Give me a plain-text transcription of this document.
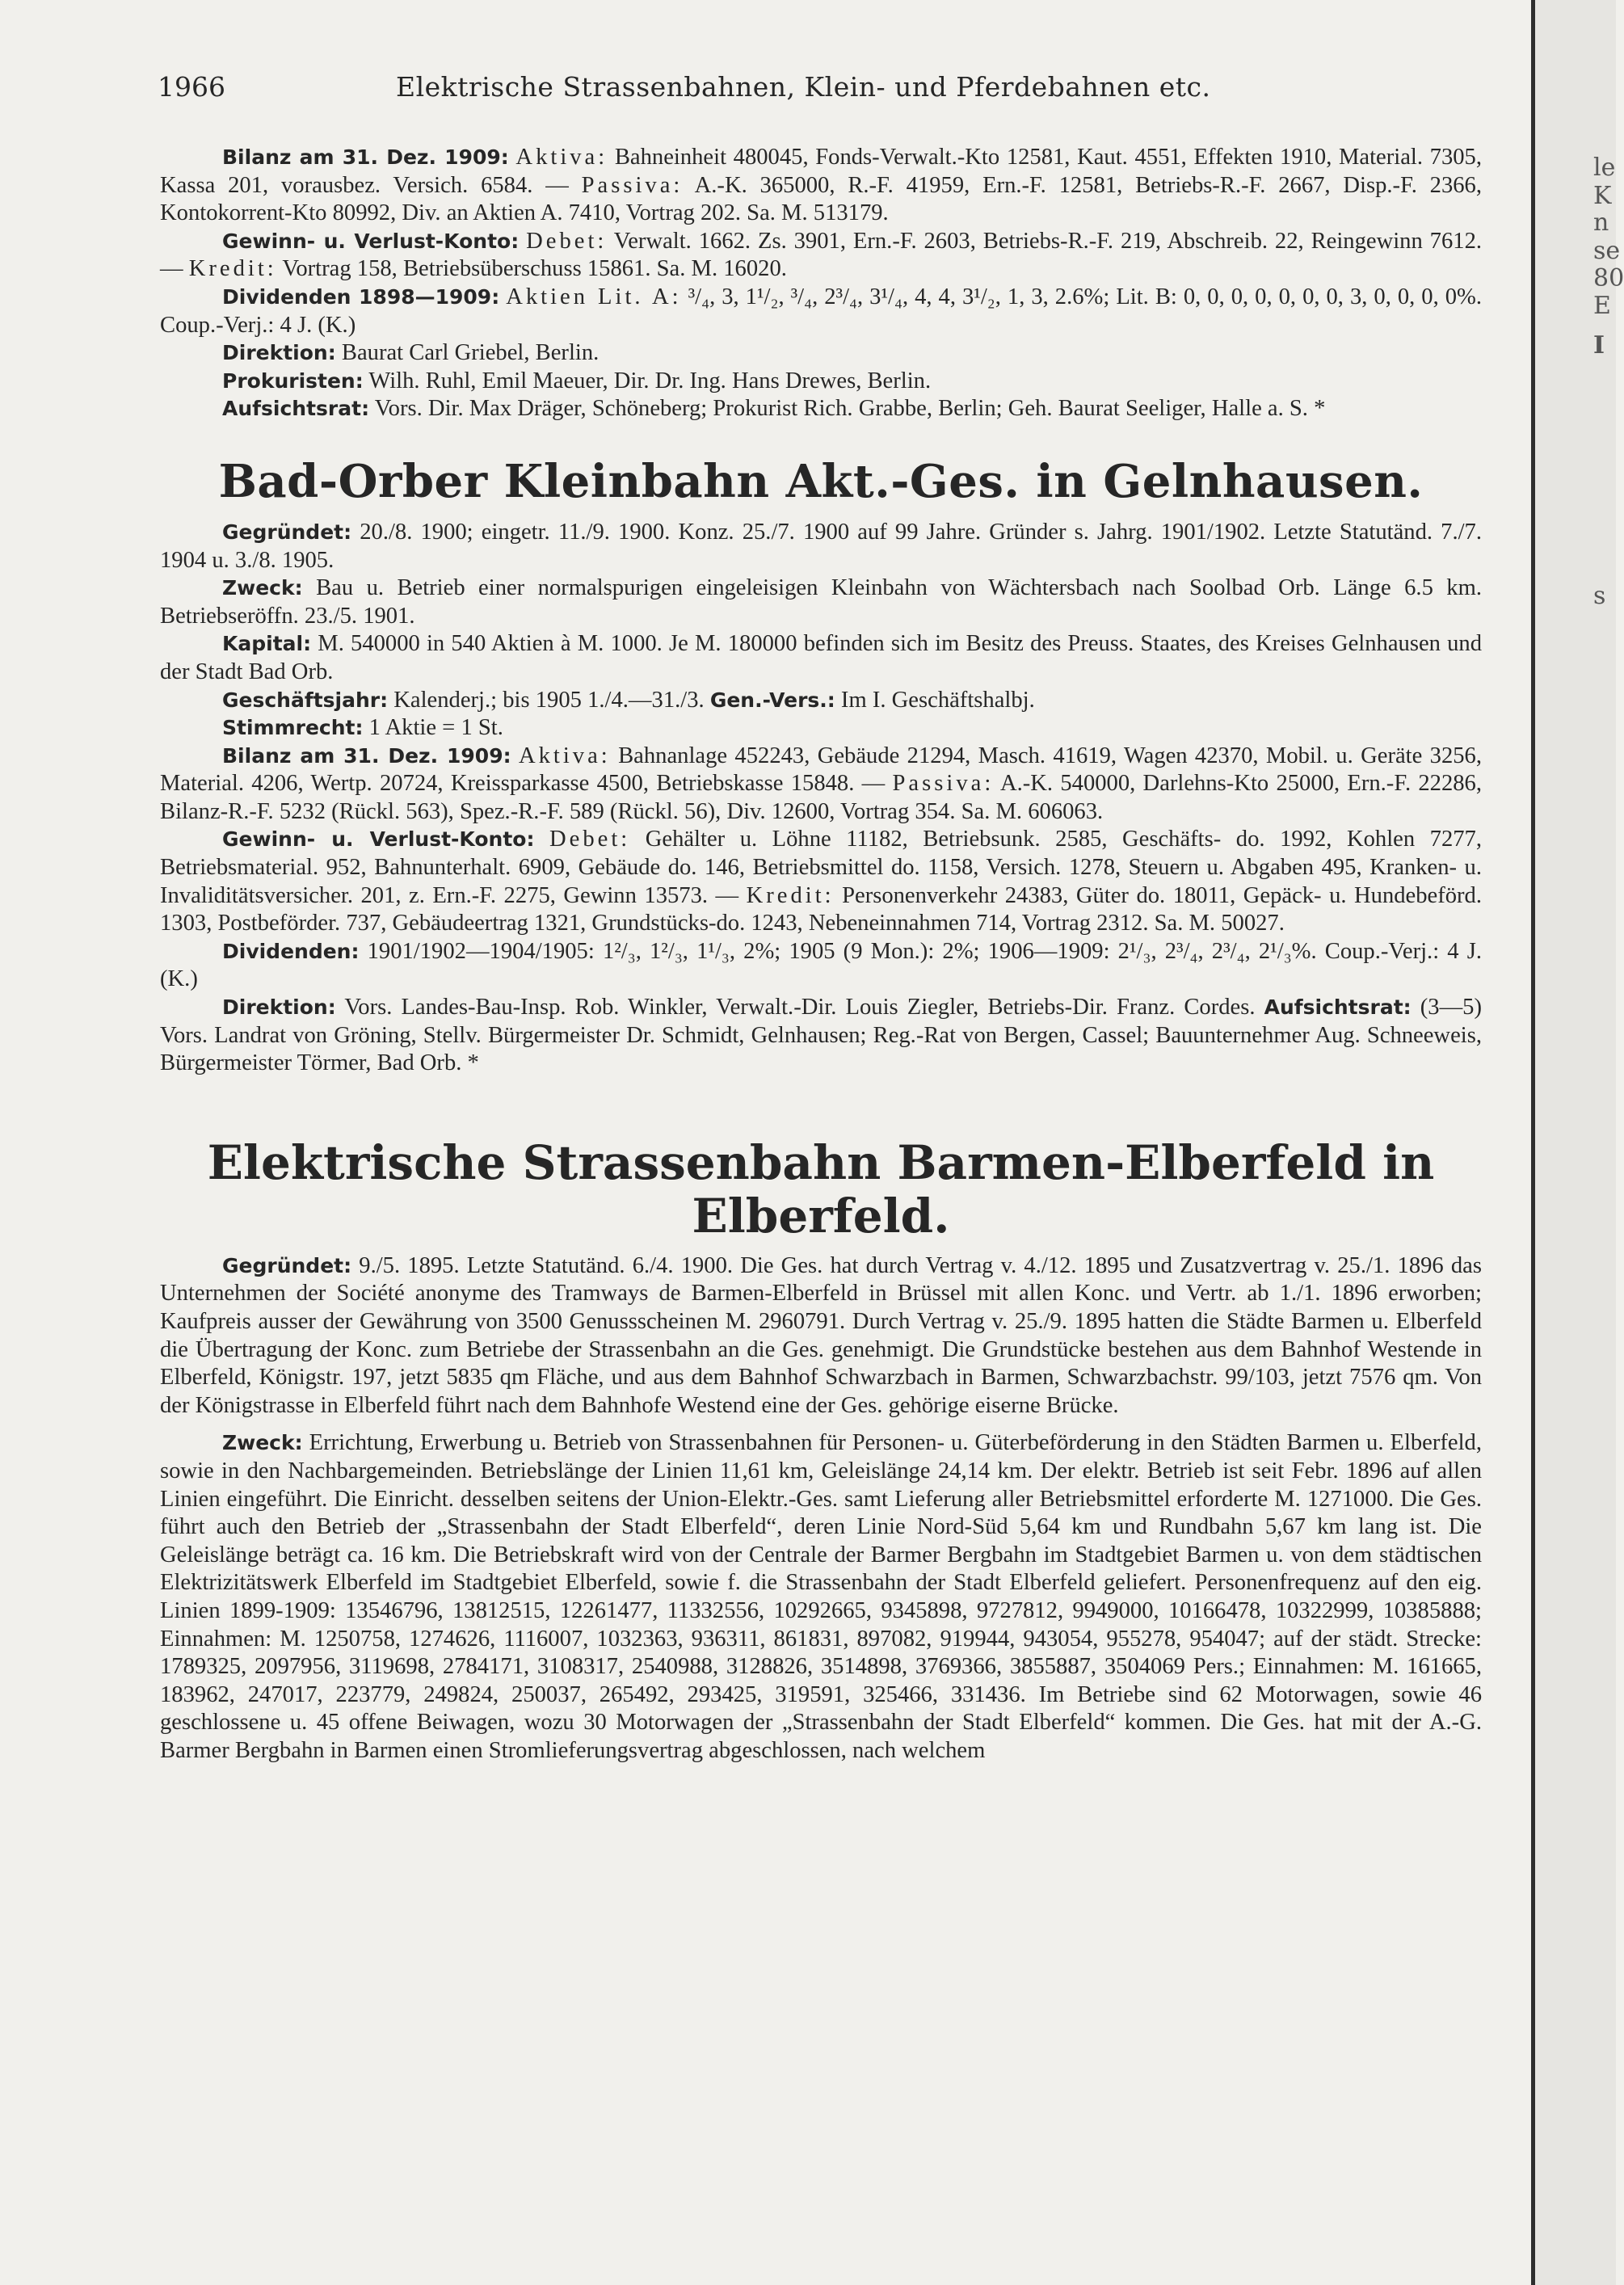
le
K
n
se
80
E
I
s
1966	Elektrische Strassenbahnen, Klein- und Pferdebahnen etc.

Bilanz am 31. Dez. 1909: Aktiva: Bahneinheit 480045, Fonds-Verwalt.-Kto 12581, Kaut. 4551, Effekten 1910, Material. 7305, Kassa 201, vorausbez. Versich. 6584. — Passiva: A.-K. 365000, R.-F. 41959, Ern.-F. 12581, Betriebs-R.-F. 2667, Disp.-F. 2366, Kontokorrent-Kto 80992, Div. an Aktien A. 7410, Vortrag 202. Sa. M. 513179.

Gewinn- u. Verlust-Konto: Debet: Verwalt. 1662. Zs. 3901, Ern.-F. 2603, Betriebs-R.-F. 219, Abschreib. 22, Reingewinn 7612. — Kredit: Vortrag 158, Betriebsüberschuss 15861. Sa. M. 16020.

Dividenden 1898—1909: Aktien Lit. A: ³/₄, 3, 1¹/₂, ³/₄, 2³/₄, 3¹/₄, 4, 4, 3¹/₂, 1, 3, 2.6%; Lit. B: 0, 0, 0, 0, 0, 0, 0, 3, 0, 0, 0, 0%. Coup.-Verj.: 4 J. (K.)

Direktion: Baurat Carl Griebel, Berlin.

Prokuristen: Wilh. Ruhl, Emil Maeuer, Dir. Dr. Ing. Hans Drewes, Berlin.

Aufsichtsrat: Vors. Dir. Max Dräger, Schöneberg; Prokurist Rich. Grabbe, Berlin; Geh. Baurat Seeliger, Halle a. S. *

Bad-Orber Kleinbahn Akt.-Ges. in Gelnhausen.

Gegründet: 20./8. 1900; eingetr. 11./9. 1900. Konz. 25./7. 1900 auf 99 Jahre. Gründer s. Jahrg. 1901/1902. Letzte Statutänd. 7./7. 1904 u. 3./8. 1905.

Zweck: Bau u. Betrieb einer normalspurigen eingeleisigen Kleinbahn von Wächtersbach nach Soolbad Orb. Länge 6.5 km. Betriebseröffn. 23./5. 1901.

Kapital: M. 540000 in 540 Aktien à M. 1000. Je M. 180000 befinden sich im Besitz des Preuss. Staates, des Kreises Gelnhausen und der Stadt Bad Orb.

Geschäftsjahr: Kalenderj.; bis 1905 1./4.—31./3. Gen.-Vers.: Im I. Geschäftshalbj.

Stimmrecht: 1 Aktie = 1 St.

Bilanz am 31. Dez. 1909: Aktiva: Bahnanlage 452243, Gebäude 21294, Masch. 41619, Wagen 42370, Mobil. u. Geräte 3256, Material. 4206, Wertp. 20724, Kreissparkasse 4500, Betriebskasse 15848. — Passiva: A.-K. 540000, Darlehns-Kto 25000, Ern.-F. 22286, Bilanz-R.-F. 5232 (Rückl. 563), Spez.-R.-F. 589 (Rückl. 56), Div. 12600, Vortrag 354. Sa. M. 606063.

Gewinn- u. Verlust-Konto: Debet: Gehälter u. Löhne 11182, Betriebsunk. 2585, Geschäfts- do. 1992, Kohlen 7277, Betriebsmaterial. 952, Bahnunterhalt. 6909, Gebäude do. 146, Betriebsmittel do. 1158, Versich. 1278, Steuern u. Abgaben 495, Kranken- u. Invaliditätsversicher. 201, z. Ern.-F. 2275, Gewinn 13573. — Kredit: Personenverkehr 24383, Güter do. 18011, Gepäck- u. Hundebeförd. 1303, Postbeförder. 737, Gebäudeertrag 1321, Grundstücks-do. 1243, Nebeneinnahmen 714, Vortrag 2312. Sa. M. 50027.

Dividenden: 1901/1902—1904/1905: 1²/₃, 1²/₃, 1¹/₃, 2%; 1905 (9 Mon.): 2%; 1906—1909: 2¹/₃, 2³/₄, 2³/₄, 2¹/₃%. Coup.-Verj.: 4 J. (K.)

Direktion: Vors. Landes-Bau-Insp. Rob. Winkler, Verwalt.-Dir. Louis Ziegler, Betriebs-Dir. Franz. Cordes. Aufsichtsrat: (3—5) Vors. Landrat von Gröning, Stellv. Bürgermeister Dr. Schmidt, Gelnhausen; Reg.-Rat von Bergen, Cassel; Bauunternehmer Aug. Schneeweis, Bürgermeister Törmer, Bad Orb. *

Elektrische Strassenbahn Barmen-Elberfeld in Elberfeld.

Gegründet: 9./5. 1895. Letzte Statutänd. 6./4. 1900. Die Ges. hat durch Vertrag v. 4./12. 1895 und Zusatzvertrag v. 25./1. 1896 das Unternehmen der Société anonyme des Tramways de Barmen-Elberfeld in Brüssel mit allen Konc. und Vertr. ab 1./1. 1896 erworben; Kaufpreis ausser der Gewährung von 3500 Genussscheinen M. 2960791. Durch Vertrag v. 25./9. 1895 hatten die Städte Barmen u. Elberfeld die Übertragung der Konc. zum Betriebe der Strassenbahn an die Ges. genehmigt. Die Grundstücke bestehen aus dem Bahnhof Westende in Elberfeld, Königstr. 197, jetzt 5835 qm Fläche, und aus dem Bahnhof Schwarzbach in Barmen, Schwarzbachstr. 99/103, jetzt 7576 qm. Von der Königstrasse in Elberfeld führt nach dem Bahnhofe Westend eine der Ges. gehörige eiserne Brücke.

Zweck: Errichtung, Erwerbung u. Betrieb von Strassenbahnen für Personen- u. Güterbeförderung in den Städten Barmen u. Elberfeld, sowie in den Nachbargemeinden. Betriebslänge der Linien 11,61 km, Geleislänge 24,14 km. Der elektr. Betrieb ist seit Febr. 1896 auf allen Linien eingeführt. Die Einricht. desselben seitens der Union-Elektr.-Ges. samt Lieferung aller Betriebsmittel erforderte M. 1271000. Die Ges. führt auch den Betrieb der „Strassenbahn der Stadt Elberfeld“, deren Linie Nord-Süd 5,64 km und Rundbahn 5,67 km lang ist. Die Geleislänge beträgt ca. 16 km. Die Betriebskraft wird von der Centrale der Barmer Bergbahn im Stadtgebiet Barmen u. von dem städtischen Elektrizitätswerk Elberfeld im Stadtgebiet Elberfeld, sowie f. die Strassenbahn der Stadt Elberfeld geliefert. Personenfrequenz auf den eig. Linien 1899-1909: 13546796, 13812515, 12261477, 11332556, 10292665, 9345898, 9727812, 9949000, 10166478, 10322999, 10385888; Einnahmen: M. 1250758, 1274626, 1116007, 1032363, 936311, 861831, 897082, 919944, 943054, 955278, 954047; auf der städt. Strecke: 1789325, 2097956, 3119698, 2784171, 3108317, 2540988, 3128826, 3514898, 3769366, 3855887, 3504069 Pers.; Einnahmen: M. 161665, 183962, 247017, 223779, 249824, 250037, 265492, 293425, 319591, 325466, 331436. Im Betriebe sind 62 Motorwagen, sowie 46 geschlossene u. 45 offene Beiwagen, wozu 30 Motorwagen der „Strassenbahn der Stadt Elberfeld“ kommen. Die Ges. hat mit der A.-G. Barmer Bergbahn in Barmen einen Stromlieferungsvertrag abgeschlossen, nach welchem
